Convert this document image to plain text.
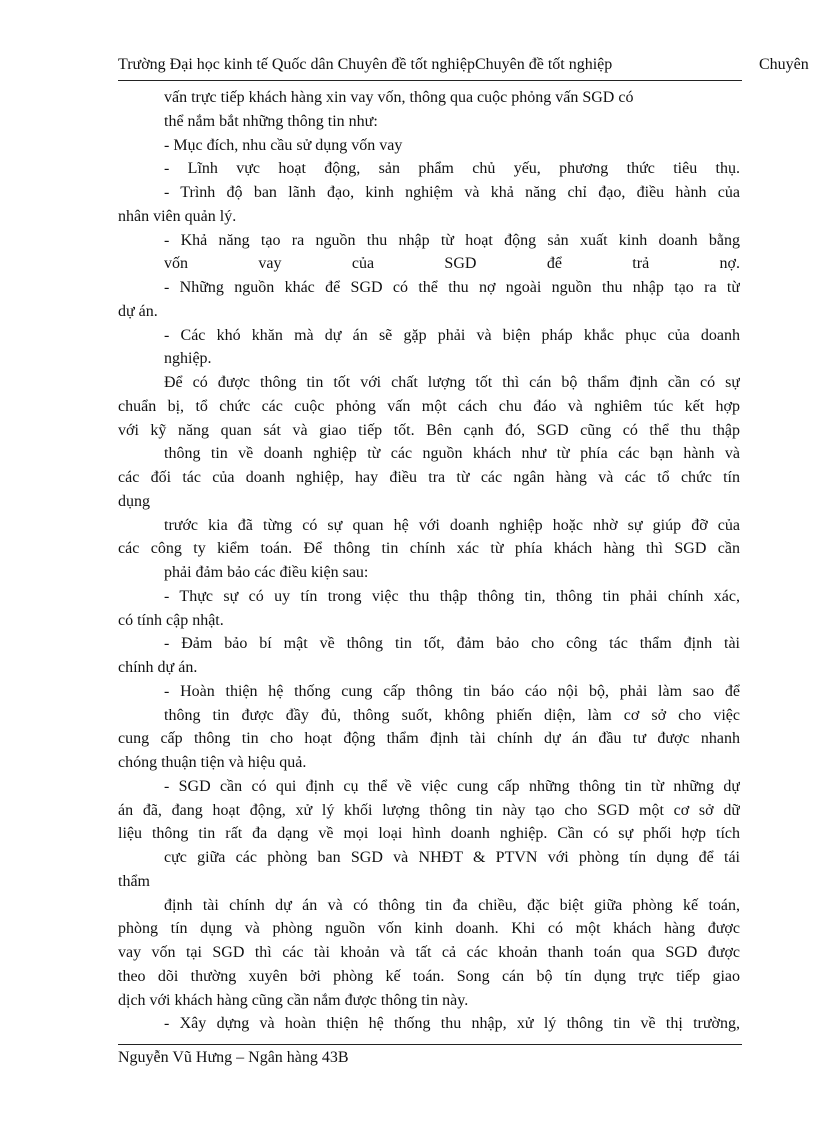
Trường Đại học kinh tế Quốc dân Chuyên đề tốt nghiệpChuyên đề tốt nghiệp	Chuyên
vấn trực tiếp khách hàng xin vay vốn, thông qua cuộc phỏng vấn SGD có
thể nắm bắt những thông tin như:
- Mục đích, nhu cầu sử dụng vốn vay
- Lĩnh vực hoạt động, sản phẩm chủ yếu, phương thức tiêu thụ.
- Trình độ ban lãnh đạo, kinh nghiệm và khả năng chỉ đạo, điều hành của
nhân viên quản lý.
- Khả năng tạo ra nguồn thu nhập từ hoạt động sản xuất kinh doanh bằng
vốn vay của SGD để trả nợ.
- Những nguồn khác để SGD có thể thu nợ ngoài nguồn thu nhập tạo ra từ
dự án.
- Các khó khăn mà dự án sẽ gặp phải và biện pháp khắc phục của doanh
nghiệp.
Để có được thông tin tốt với chất lượng tốt thì cán bộ thẩm định cần có sự
chuẩn bị, tổ chức các cuộc phỏng vấn một cách chu đáo và nghiêm túc kết hợp
với kỹ năng quan sát và giao tiếp tốt. Bên cạnh đó, SGD cũng có thể thu thập
thông tin về doanh nghiệp từ các nguồn khách như từ phía các bạn hành và
các đối tác của doanh nghiệp, hay điều tra từ các ngân hàng và các tổ chức tín
dụng
trước kia đã từng có sự quan hệ với doanh nghiệp hoặc nhờ sự giúp đỡ của
các công ty kiểm toán. Để thông tin chính xác từ phía khách hàng thì SGD cần
phải đảm bảo các điều kiện sau:
- Thực sự có uy tín trong việc thu thập thông tin, thông tin phải chính xác,
có tính cập nhật.
- Đảm bảo bí mật về thông tin tốt, đảm bảo cho công tác thẩm định tài
chính dự án.
- Hoàn thiện hệ thống cung cấp thông tin báo cáo nội bộ, phải làm sao để
thông tin được đầy đủ, thông suốt, không phiến diện, làm cơ sở cho việc
cung cấp thông tin cho hoạt động thẩm định tài chính dự án đầu tư được nhanh
chóng thuận tiện và hiệu quả.
- SGD cần có qui định cụ thể về việc cung cấp những thông tin từ những dự
án đã, đang hoạt động, xử lý khối lượng thông tin này tạo cho SGD một cơ sở dữ
liệu thông tin rất đa dạng về mọi loại hình doanh nghiệp. Cần có sự phối hợp tích
cực giữa các phòng ban SGD và NHĐT & PTVN với phòng tín dụng để tái
thẩm
định tài chính dự án và có thông tin đa chiều, đặc biệt giữa phòng kế toán,
phòng tín dụng và phòng nguồn vốn kinh doanh. Khi có một khách hàng được
vay vốn tại SGD thì các tài khoản và tất cả các khoản thanh toán qua SGD được
theo dõi thường xuyên bởi phòng kế toán. Song cán bộ tín dụng trực tiếp giao
dịch với khách hàng cũng cần nắm được thông tin này.
- Xây dựng và hoàn thiện hệ thống thu nhập, xử lý thông tin về thị trường,
Nguyễn Vũ Hưng – Ngân hàng 43B
